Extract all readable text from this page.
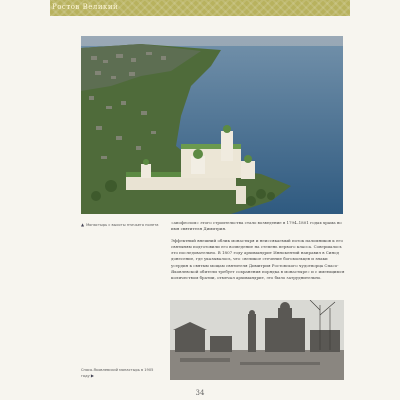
Ростов Великий
▲ Монастырь с высоты птичьего полета	«апофеозом» этого строительства стало возведение в 1794–1801 годах храма во имя святителя Димитрия.

Эффектный внешний облик монастыря и неиссякаемый поток паломников к его святыням подготовили его возведение на степень первого класса. Совершалось это последовательно. В 1807 году архимандрит Иннокентий направил в Синод донесение, где указывалось, что «великое стечение богомольцев и знаки усердия к святым мощам святителя Димитрия Ростовского чудотворца Спасо-Яковлевской обители требует сохранения порядка в монастыре» и с имеющимся количеством братии, отмечал архимандрит, это было затруднительно.

Спасо-Яковлевский монастырь в 1905 году ▶
34
